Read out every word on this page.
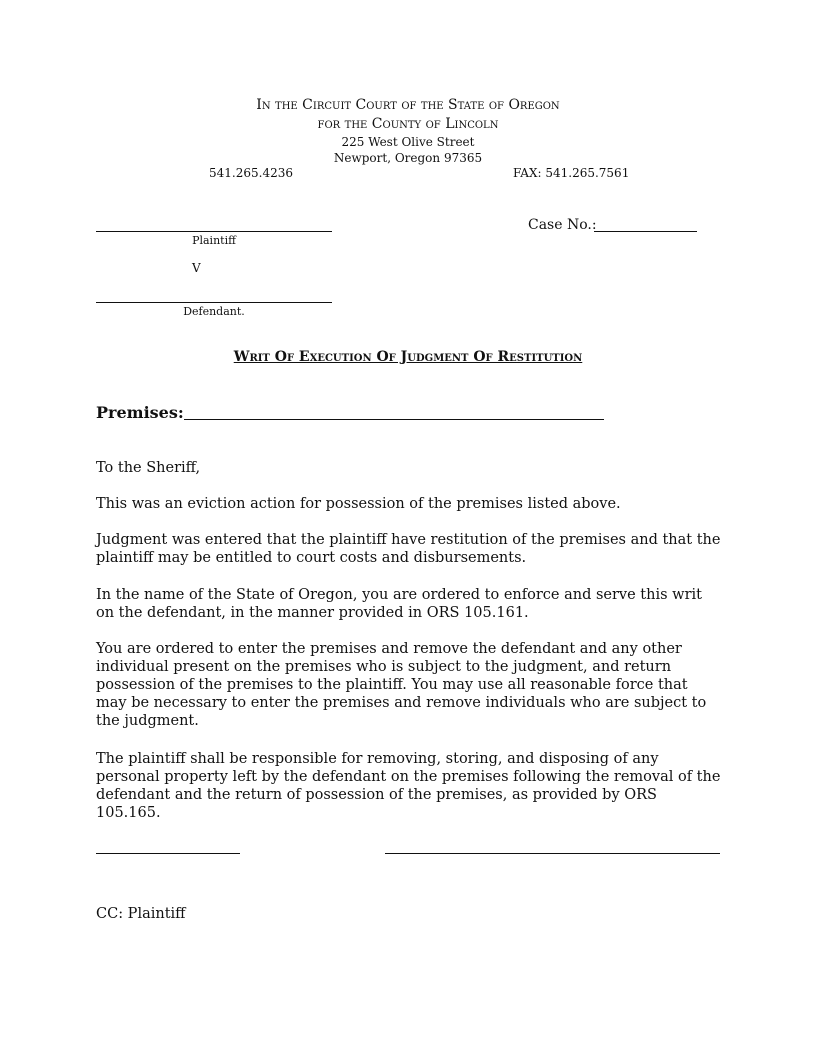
In the Circuit Court of the State of Oregon
for the County of Lincoln
225 West Olive Street
Newport, Oregon 97365
541.265.4236	FAX: 541.265.7561
Plaintiff
Case No.:
V
Defendant.
Writ Of Execution Of Judgment Of Restitution
Premises:
To the Sheriff,
This was an eviction action for possession of the premises listed above.
Judgment was entered that the plaintiff have restitution of the premises and that the plaintiff may be entitled to court costs and disbursements.
In the name of the State of Oregon, you are ordered to enforce and serve this writ on the defendant, in the manner provided in ORS 105.161.
You are ordered to enter the premises and remove the defendant and any other individual present on the premises who is subject to the judgment, and return possession of the premises to the plaintiff. You may use all reasonable force that may be necessary to enter the premises and remove individuals who are subject to the judgment.
The plaintiff shall be responsible for removing, storing, and disposing of any personal property left by the defendant on the premises following the removal of the defendant and the return of possession of the premises, as provided by ORS 105.165.
CC: Plaintiff
